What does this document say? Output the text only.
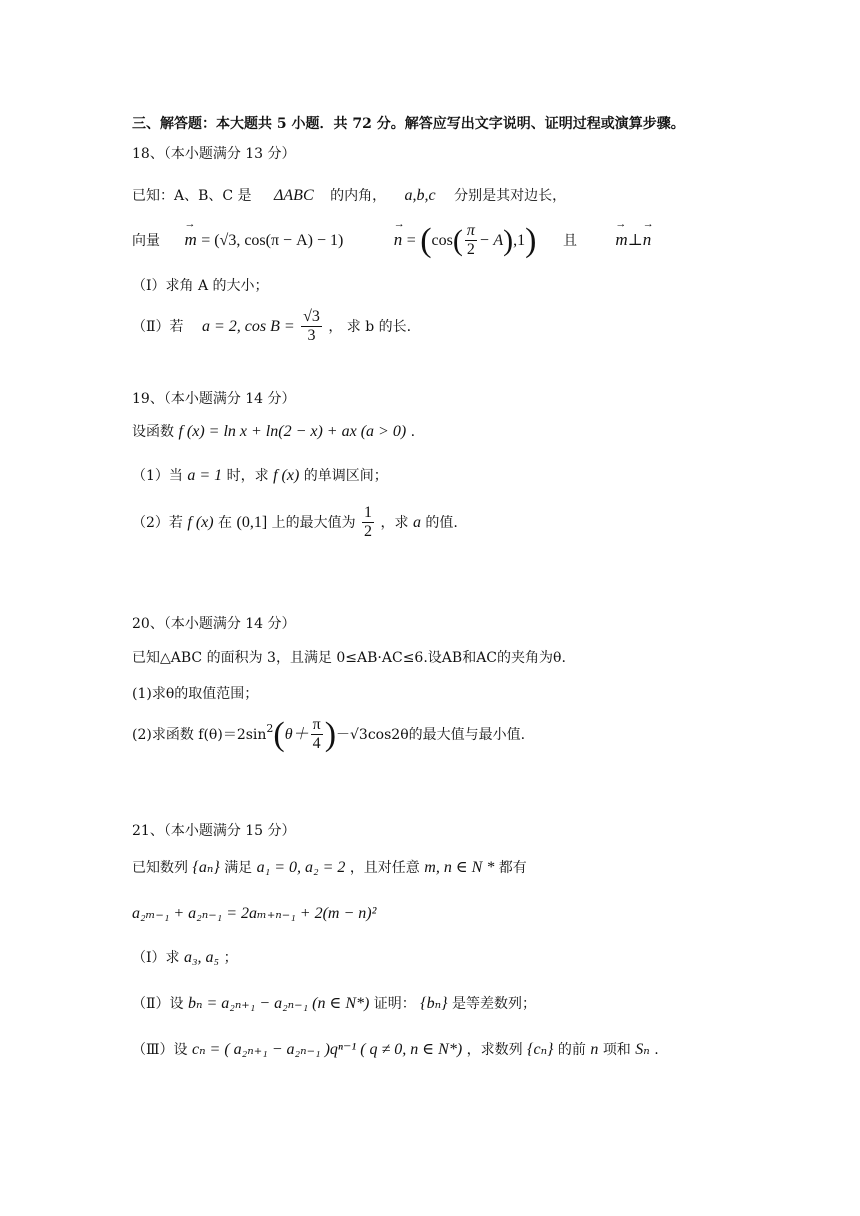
三、解答题：本大题共 5 小题．共 72 分。解答应写出文字说明、证明过程或演算步骤。
18、（本小题满分 13 分）
已知：A、B、C 是 ΔABC 的内角， a,b,c 分别是其对边长，
向量 → m = (√3, cos(π − A) − 1)	→ $n = (\cos( \frac{\pi}{2} - A),1)$ 且 → m⊥→ n
（Ⅰ）求角 A 的大小；
（Ⅱ）若 a = 2, $\cos B = \frac{√3}{3}$ ， 求 b 的长.
19、（本小题满分 14 分）
设函数 f (x) = ln x + ln(2 − x) + ax (a > 0) .
（1）当 a = 1 时，求 f (x) 的单调区间；
（2）若 f (x) 在 (0,1] 上的最大值为 $\frac{1}{2}$ ，求 a 的值.
20、（本小题满分 14 分）
已知△ABC 的面积为 3，且满足 0≤AB·AC≤6.设AB和AC的夹角为θ.
(1)求θ的取值范围；
(2)求函数 $f(\theta)=2\sin^2(\theta+ \frac{\pi}{4} )-√3\cos 2\theta$的最大值与最小值.
21、（本小题满分 15 分）
已知数列 {aₙ} 满足 a₁ = 0, a₂ = 2 ，且对任意 m, n ∈ N * 都有
a₂ₘ₋₁ + a₂ₙ₋₁ = 2aₘ₊ₙ₋₁ + 2(m − n)²
（Ⅰ）求 a₃, a₅ ；
（Ⅱ）设 bₙ = a₂ₙ₊₁ − a₂ₙ₋₁ (n ∈ N*) 证明： {bₙ} 是等差数列；
（Ⅲ）设 cₙ = ( a₂ₙ₊₁ − a₂ₙ₋₁ )qⁿ⁻¹ ( q ≠ 0, n ∈ N*) ，求数列 {cₙ} 的前 n 项和 Sₙ .
